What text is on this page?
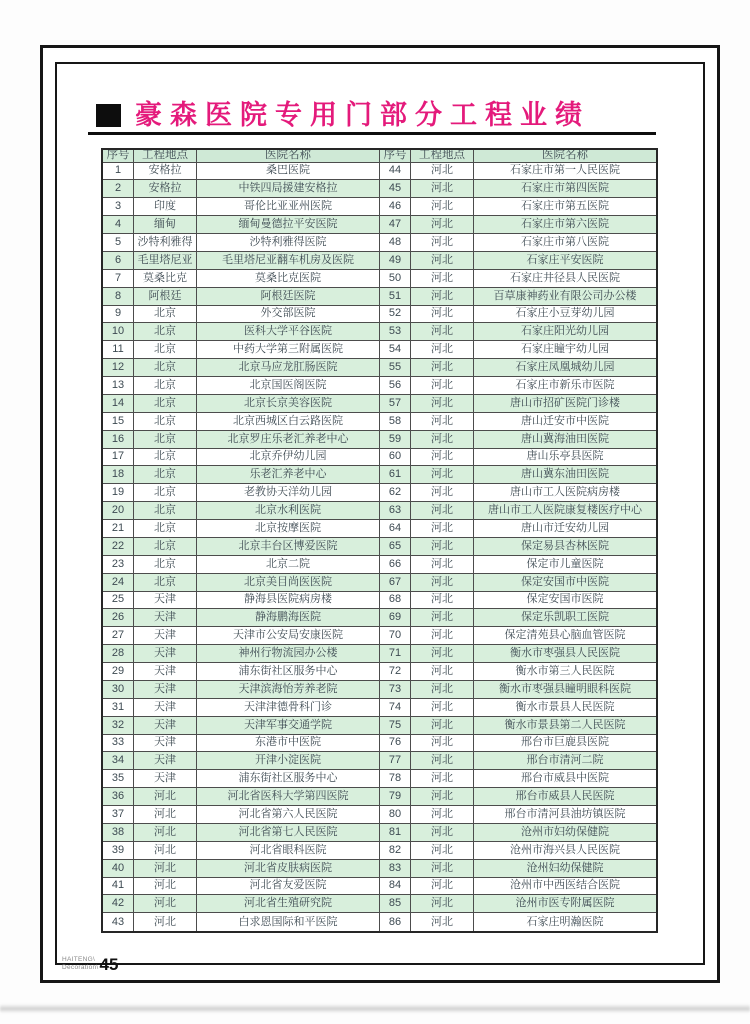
豪森医院专用门部分工程业绩
序号	工程地点	医院名称	序号	工程地点	医院名称
1	安格拉	桑巴医院	44	河北	石家庄市第一人民医院
2	安格拉	中铁四局援建安格拉	45	河北	石家庄市第四医院
3	印度	哥伦比亚亚州医院	46	河北	石家庄市第五医院
4	缅甸	缅甸曼德拉平安医院	47	河北	石家庄市第六医院
5	沙特利雅得	沙特利雅得医院	48	河北	石家庄市第八医院
6	毛里塔尼亚	毛里塔尼亚翻车机房及医院	49	河北	石家庄平安医院
7	莫桑比克	莫桑比克医院	50	河北	石家庄井径县人民医院
8	阿根廷	阿根廷医院	51	河北	百草康神药业有限公司办公楼
9	北京	外交部医院	52	河北	石家庄小豆芽幼儿园
10	北京	医科大学平谷医院	53	河北	石家庄阳光幼儿园
11	北京	中药大学第三附属医院	54	河北	石家庄瞳宇幼儿园
12	北京	北京马应龙肛肠医院	55	河北	石家庄凤凰城幼儿园
13	北京	北京国医阁医院	56	河北	石家庄市新乐市医院
14	北京	北京长京美容医院	57	河北	唐山市招矿医院门诊楼
15	北京	北京西城区白云路医院	58	河北	唐山迁安市中医院
16	北京	北京罗庄乐老汇养老中心	59	河北	唐山冀海油田医院
17	北京	北京乔伊幼儿园	60	河北	唐山乐亭县医院
18	北京	乐老汇养老中心	61	河北	唐山冀东油田医院
19	北京	老教协天洋幼儿园	62	河北	唐山市工人医院病房楼
20	北京	北京水利医院	63	河北	唐山市工人医院康复楼医疗中心
21	北京	北京按摩医院	64	河北	唐山市迁安幼儿园
22	北京	北京丰台区博爱医院	65	河北	保定易县杏林医院
23	北京	北京二院	66	河北	保定市儿童医院
24	北京	北京美目尚医医院	67	河北	保定安国市中医院
25	天津	静海县医院病房楼	68	河北	保定安国市医院
26	天津	静海鹏海医院	69	河北	保定乐凯职工医院
27	天津	天津市公安局安康医院	70	河北	保定清苑县心脑血管医院
28	天津	神州行物流园办公楼	71	河北	衡水市枣强县人民医院
29	天津	浦东街社区服务中心	72	河北	衡水市第三人民医院
30	天津	天津滨海怡芳养老院	73	河北	衡水市枣强县瞳明眼科医院
31	天津	天津津德骨科门诊	74	河北	衡水市景县人民医院
32	天津	天津军事交通学院	75	河北	衡水市景县第二人民医院
33	天津	东港市中医院	76	河北	邢台市巨鹿县医院
34	天津	开津小淀医院	77	河北	邢台市清河二院
35	天津	浦东街社区服务中心	78	河北	邢台市威县中医院
36	河北	河北省医科大学第四医院	79	河北	邢台市威县人民医院
37	河北	河北省第六人民医院	80	河北	邢台市清河县油坊镇医院
38	河北	河北省第七人民医院	81	河北	沧州市妇幼保健院
39	河北	河北省眼科医院	82	河北	沧州市海兴县人民医院
40	河北	河北省皮肤病医院	83	河北	沧州妇幼保健院
41	河北	河北省友爱医院	84	河北	沧州市中西医结合医院
42	河北	河北省生殖研究院	85	河北	沧州市医专附属医院
43	河北	白求恩国际和平医院	86	河北	石家庄明瀚医院
HAITENG\
Decoration\ 45
